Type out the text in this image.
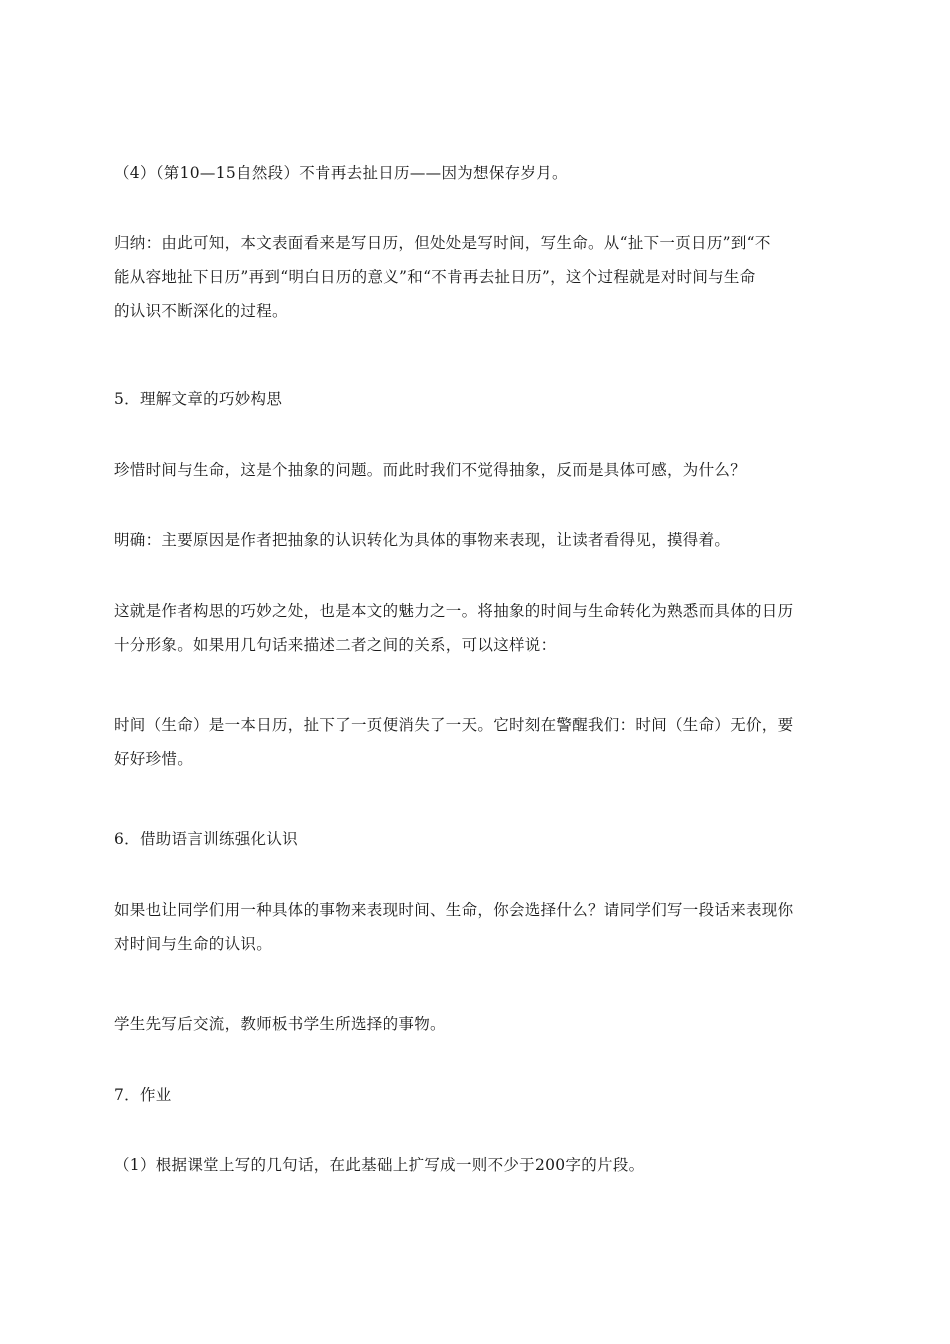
（4）（第10—15自然段）不肯再去扯日历——因为想保存岁月。

归纳：由此可知，本文表面看来是写日历，但处处是写时间，写生命。从“扯下一页日历”到“不
能从容地扯下日历”再到“明白日历的意义”和“不肯再去扯日历”，这个过程就是对时间与生命
的认识不断深化的过程。

5．理解文章的巧妙构思

珍惜时间与生命，这是个抽象的问题。而此时我们不觉得抽象，反而是具体可感，为什么？

明确：主要原因是作者把抽象的认识转化为具体的事物来表现，让读者看得见，摸得着。

这就是作者构思的巧妙之处，也是本文的魅力之一。将抽象的时间与生命转化为熟悉而具体的日历
十分形象。如果用几句话来描述二者之间的关系，可以这样说：

时间（生命）是一本日历，扯下了一页便消失了一天。它时刻在警醒我们：时间（生命）无价，要
好好珍惜。

6．借助语言训练强化认识

如果也让同学们用一种具体的事物来表现时间、生命，你会选择什么？请同学们写一段话来表现你
对时间与生命的认识。

学生先写后交流，教师板书学生所选择的事物。

7．作业

（1）根据课堂上写的几句话，在此基础上扩写成一则不少于200字的片段。
